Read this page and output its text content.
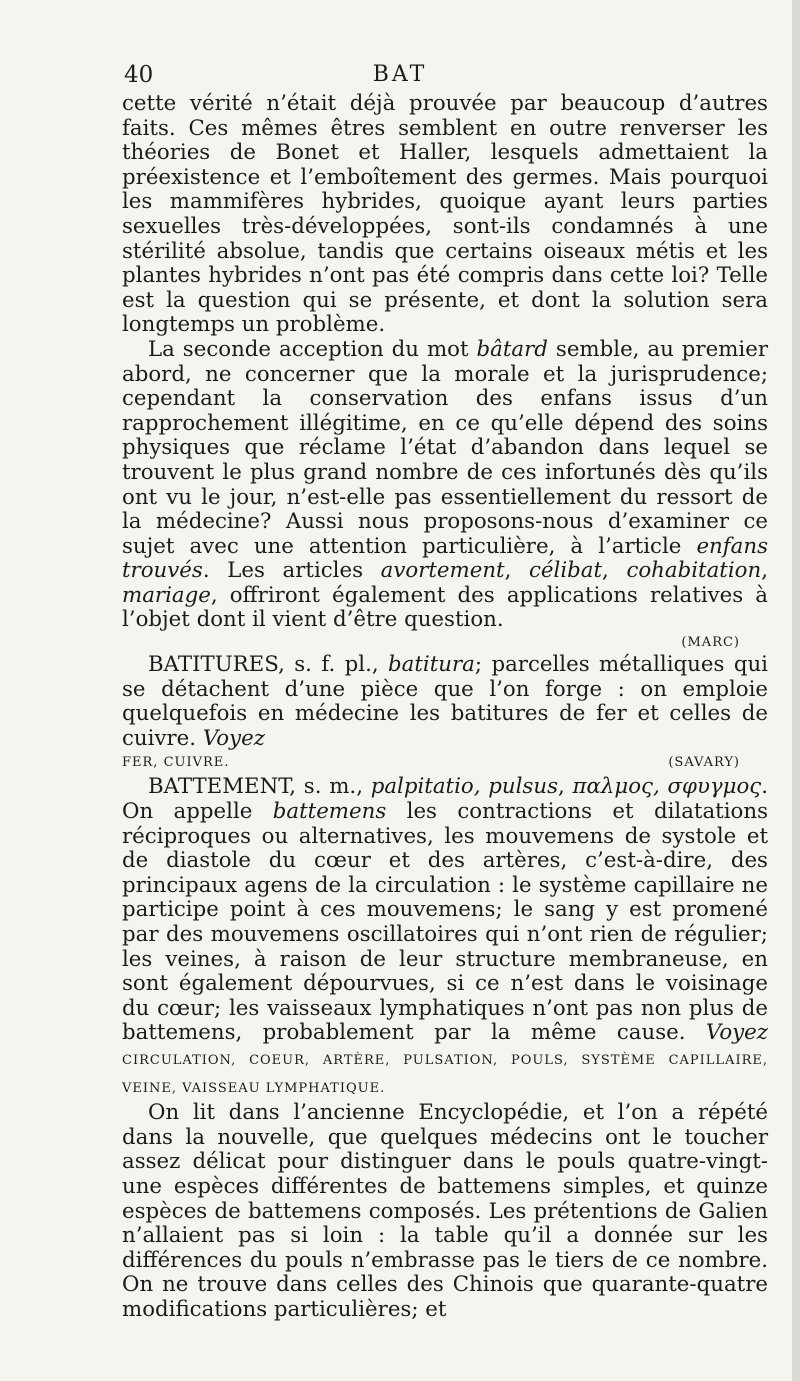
BAT
40

cette vérité n’était déjà prouvée par beaucoup d’autres faits. Ces mêmes êtres semblent en outre renverser les théories de Bonet et Haller, lesquels admettaient la préexistence et l’emboîtement des germes. Mais pourquoi les mammifères hybrides, quoique ayant leurs parties sexuelles très-développées, sont-ils condamnés à une stérilité absolue, tandis que certains oiseaux métis et les plantes hybrides n’ont pas été compris dans cette loi? Telle est la question qui se présente, et dont la solution sera longtemps un problème.

La seconde acception du mot bâtard semble, au premier abord, ne concerner que la morale et la jurisprudence; cependant la conservation des enfans issus d’un rapprochement illégitime, en ce qu’elle dépend des soins physiques que réclame l’état d’abandon dans lequel se trouvent le plus grand nombre de ces infortunés dès qu’ils ont vu le jour, n’est-elle pas essentiellement du ressort de la médecine? Aussi nous proposons-nous d’examiner ce sujet avec une attention particulière, à l’article enfans trouvés. Les articles avortement, célibat, cohabitation, mariage, offriront également des applications relatives à l’objet dont il vient d’être question.

(MARC)

BATITURES, s. f. pl., batitura; parcelles métalliques qui se détachent d’une pièce que l’on forge : on emploie quelquefois en médecine les batitures de fer et celles de cuivre. Voyez

FER, CUIVRE.	(SAVARY)

BATTEMENT, s. m., palpitatio, pulsus, παλμος, σφυγμος. On appelle battemens les contractions et dilatations réciproques ou alternatives, les mouvemens de systole et de diastole du cœur et des artères, c’est-à-dire, des principaux agens de la circulation : le système capillaire ne participe point à ces mouvemens; le sang y est promené par des mouvemens oscillatoires qui n’ont rien de régulier; les veines, à raison de leur structure membraneuse, en sont également dépourvues, si ce n’est dans le voisinage du cœur; les vaisseaux lymphatiques n’ont pas non plus de battemens, probablement par la même cause. Voyez CIRCULATION, COEUR, ARTÈRE, PULSATION, POULS, SYSTÈME CAPILLAIRE, VEINE, VAISSEAU LYMPHATIQUE.

On lit dans l’ancienne Encyclopédie, et l’on a répété dans la nouvelle, que quelques médecins ont le toucher assez délicat pour distinguer dans le pouls quatre-vingt-une espèces différentes de battemens simples, et quinze espèces de battemens composés. Les prétentions de Galien n’allaient pas si loin : la table qu’il a donnée sur les différences du pouls n’embrasse pas le tiers de ce nombre. On ne trouve dans celles des Chinois que quarante-quatre modifications particulières; et
